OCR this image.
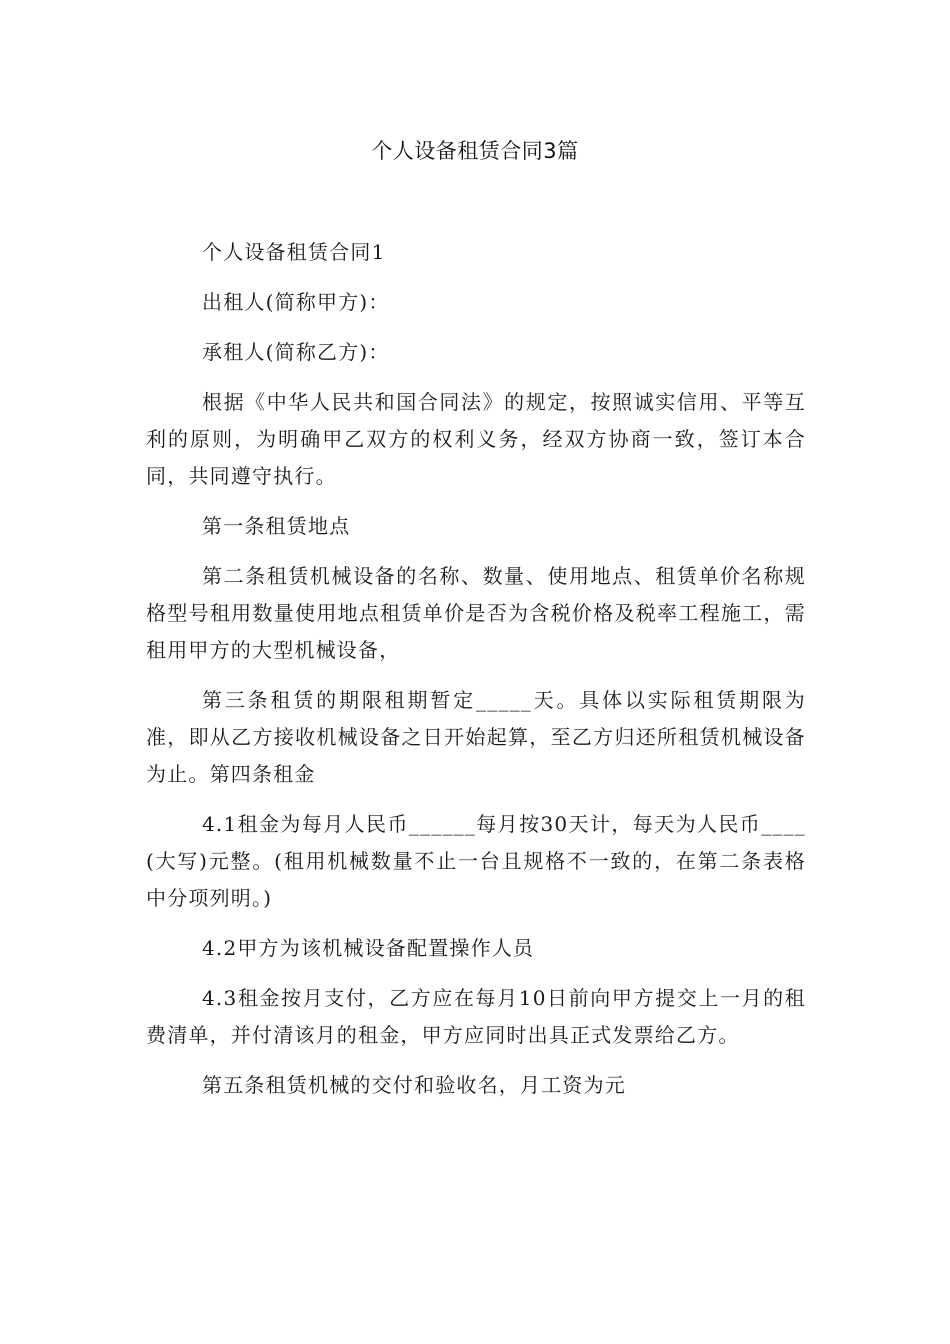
个人设备租赁合同3篇

个人设备租赁合同1

出租人(简称甲方)：

承租人(简称乙方)：

根据《中华人民共和国合同法》的规定，按照诚实信用、平等互利的原则，为明确甲乙双方的权利义务，经双方协商一致，签订本合同，共同遵守执行。

第一条租赁地点

第二条租赁机械设备的名称、数量、使用地点、租赁单价名称规格型号租用数量使用地点租赁单价是否为含税价格及税率工程施工，需租用甲方的大型机械设备，

第三条租赁的期限租期暂定_____天。具体以实际租赁期限为准，即从乙方接收机械设备之日开始起算，至乙方归还所租赁机械设备为止。第四条租金

4.1租金为每月人民币______每月按30天计，每天为人民币____(大写)元整。(租用机械数量不止一台且规格不一致的，在第二条表格中分项列明。)

4.2甲方为该机械设备配置操作人员

4.3租金按月支付，乙方应在每月10日前向甲方提交上一月的租费清单，并付清该月的租金，甲方应同时出具正式发票给乙方。

第五条租赁机械的交付和验收名，月工资为元
